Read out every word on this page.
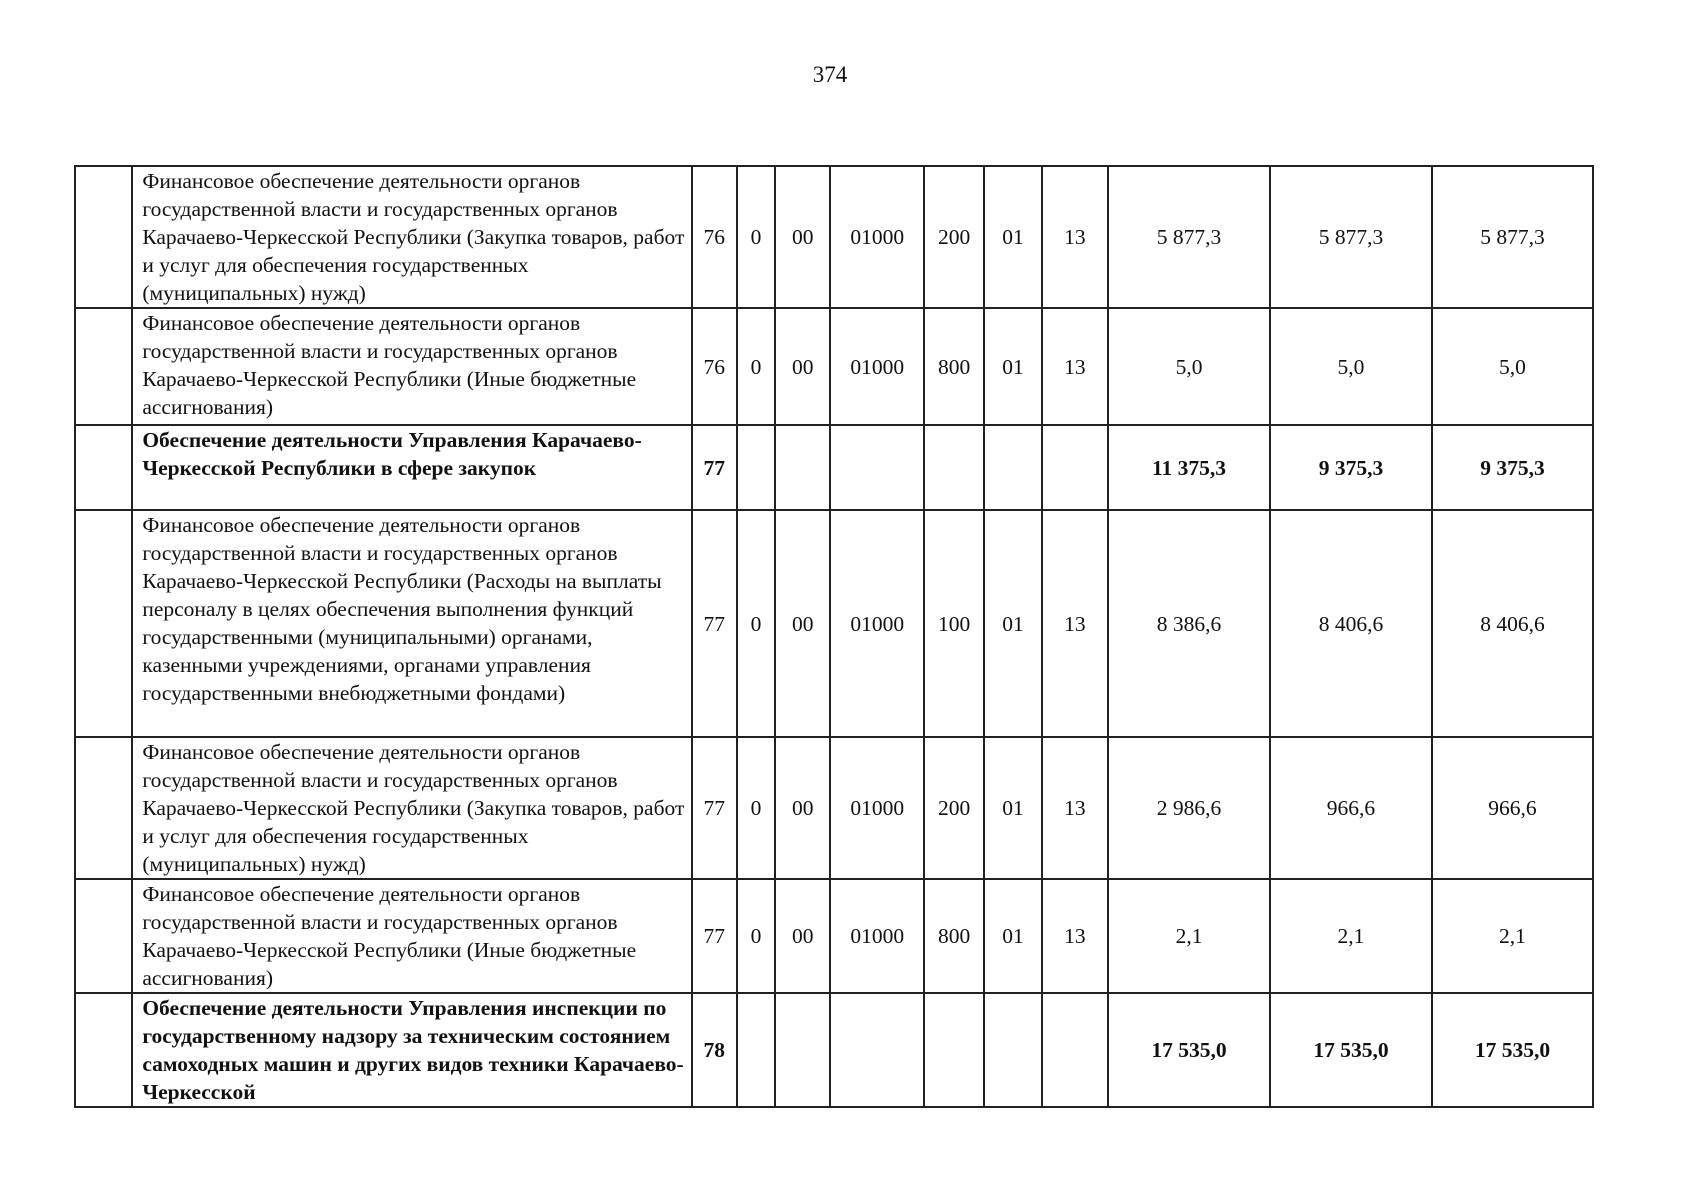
374
	Финансовое обеспечение деятельности органов государственной власти и государственных органов Карачаево-Черкесской Республики (Закупка товаров, работ и услуг для обеспечения государственных (муниципальных) нужд)	76	0	00	01000	200	01	13	5 877,3	5 877,3	5 877,3
	Финансовое обеспечение деятельности органов государственной власти и государственных органов Карачаево-Черкесской Республики (Иные бюджетные ассигнования)	76	0	00	01000	800	01	13	5,0	5,0	5,0
	Обеспечение деятельности Управления Карачаево-Черкесской Республики в сфере закупок	77							11 375,3	9 375,3	9 375,3
	Финансовое обеспечение деятельности органов государственной власти и государственных органов Карачаево-Черкесской Республики (Расходы на выплаты персоналу в целях обеспечения выполнения функций государственными (муниципальными) органами, казенными учреждениями, органами управления государственными внебюджетными фондами)	77	0	00	01000	100	01	13	8 386,6	8 406,6	8 406,6
	Финансовое обеспечение деятельности органов государственной власти и государственных органов Карачаево-Черкесской Республики (Закупка товаров, работ и услуг для обеспечения государственных (муниципальных) нужд)	77	0	00	01000	200	01	13	2 986,6	966,6	966,6
	Финансовое обеспечение деятельности органов государственной власти и государственных органов Карачаево-Черкесской Республики (Иные бюджетные ассигнования)	77	0	00	01000	800	01	13	2,1	2,1	2,1
	Обеспечение деятельности Управления инспекции по государственному надзору за техническим состоянием самоходных машин и других видов техники Карачаево-Черкесской	78							17 535,0	17 535,0	17 535,0
